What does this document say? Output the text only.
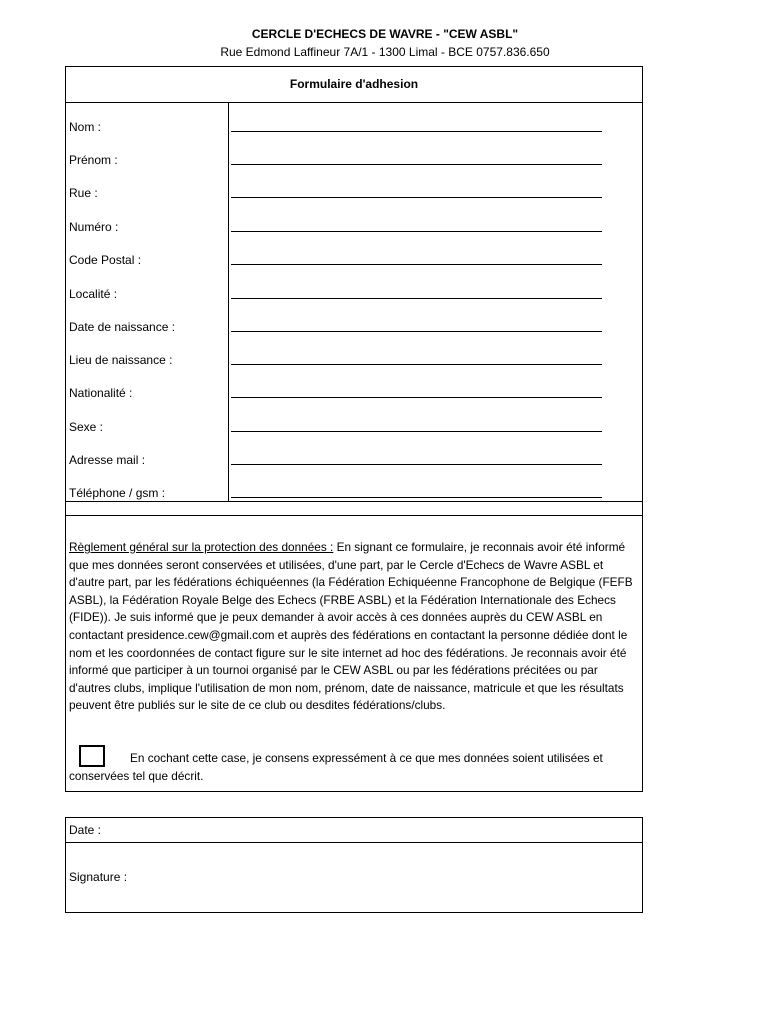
CERCLE D'ECHECS DE WAVRE - "CEW ASBL"
Rue Edmond Laffineur 7A/1 - 1300 Limal - BCE 0757.836.650
Formulaire d'adhesion
Nom :
Prénom :
Rue :
Numéro :
Code Postal :
Localité :
Date de naissance :
Lieu de naissance :
Nationalité :
Sexe :
Adresse mail :
Téléphone / gsm :
Règlement général sur la protection des données : En signant ce formulaire, je reconnais avoir été informé que mes données seront conservées et utilisées, d'une part, par le Cercle d'Echecs de Wavre ASBL et d'autre part, par les fédérations échiquéennes (la Fédération Echiquéenne Francophone de Belgique (FEFB ASBL), la Fédération Royale Belge des Echecs (FRBE ASBL) et la Fédération Internationale des Echecs (FIDE)). Je suis informé que je peux demander à avoir accès à ces données auprès du CEW ASBL en contactant presidence.cew@gmail.com et auprès des fédérations en contactant la personne dédiée dont le nom et les coordonnées de contact figure sur le site internet ad hoc des fédérations. Je reconnais avoir été informé que participer à un tournoi organisé par le CEW ASBL ou par les fédérations précitées ou par d'autres clubs, implique l'utilisation de mon nom, prénom, date de naissance, matricule et que les résultats peuvent être publiés sur le site de ce club ou desdites fédérations/clubs.
En cochant cette case, je consens expressément à ce que mes données soient utilisées et conservées tel que décrit.
Date :
Signature :
